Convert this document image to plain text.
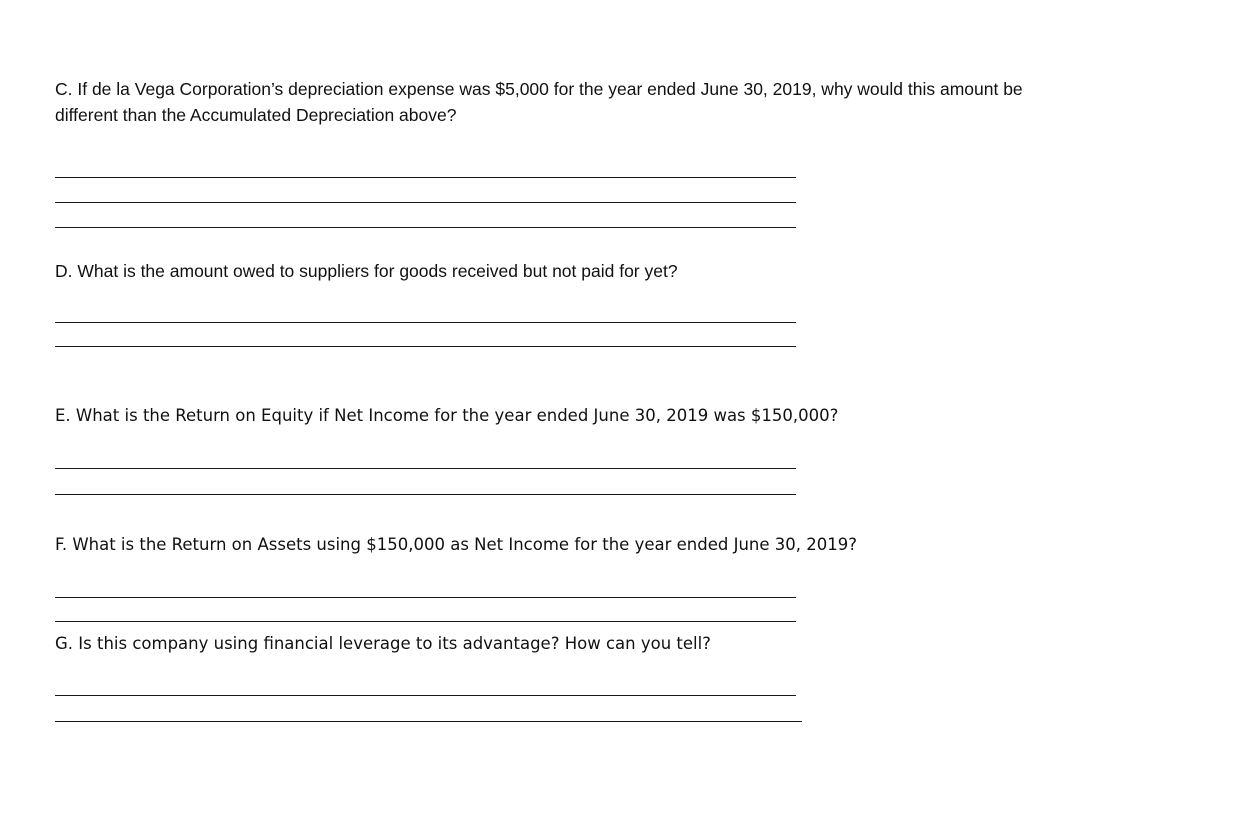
C. If de la Vega Corporation’s depreciation expense was $5,000 for the year ended June 30, 2019, why would this amount be

different than the Accumulated Depreciation above?

D. What is the amount owed to suppliers for goods received but not paid for yet?

E. What is the Return on Equity if Net Income for the year ended June 30, 2019 was $150,000?

F. What is the Return on Assets using $150,000 as Net Income for the year ended June 30, 2019?

G. Is this company using financial leverage to its advantage? How can you tell?
